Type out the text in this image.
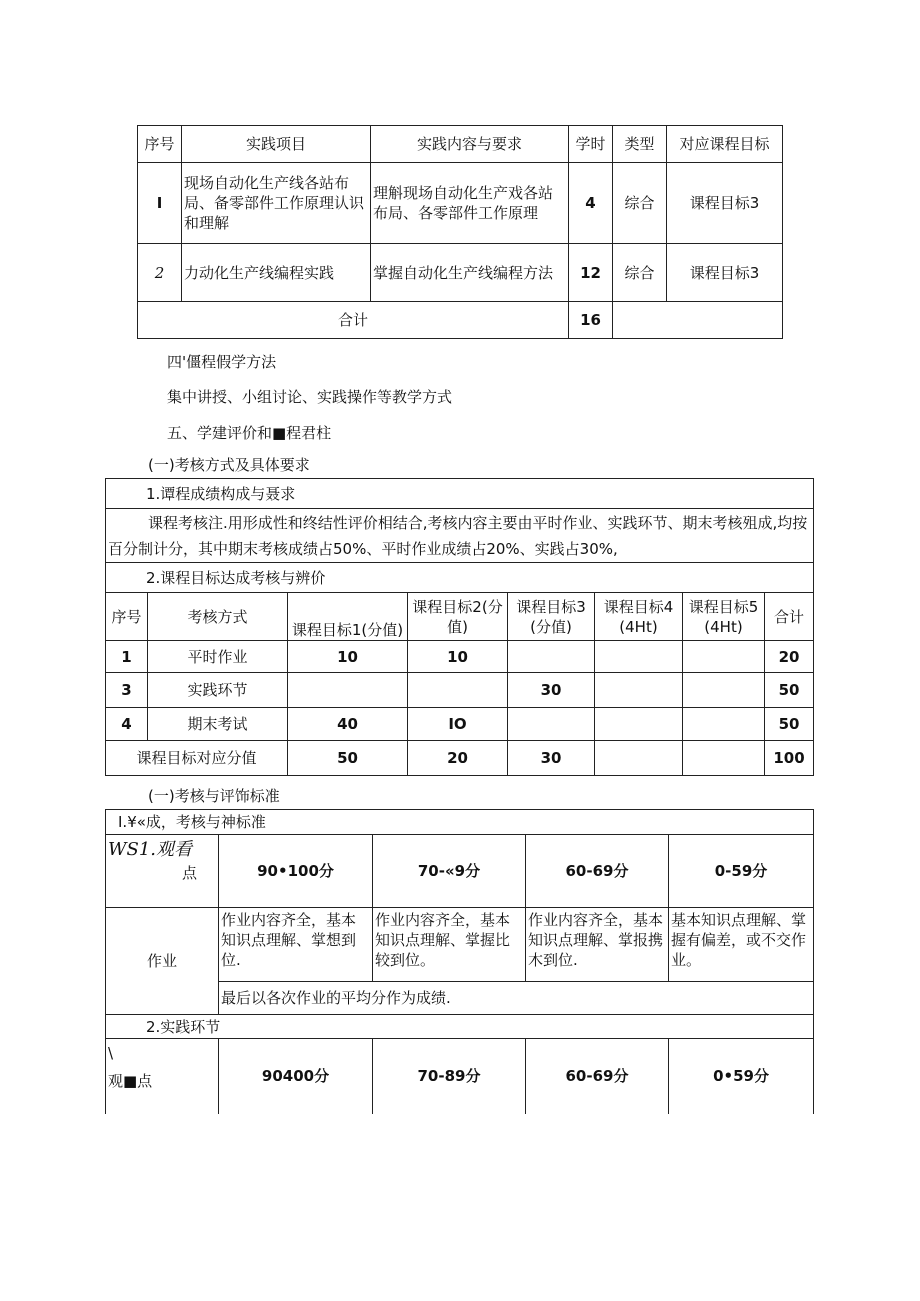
序号	实践项目	实践内容与要求	学时	类型	对应课程目标
I	现场自动化生产线各站布局、备零部件工作原理认识和理解	理斛现场自动化生产戏各站布局、各零部件工作原理	4	综合	课程目标3
2	力动化生产线编程实践	掌握自动化生产线编程方法	12	综合	课程目标3
合计			16		
四'僵程假学方法
集中讲授、小组讨论、实践操作等教学方式
五、学建评价和■程君柱
(一)考核方式及具体要求
1.谭程成绩构成与聂求							

课程考核注.用形成性和终结性评价相结合,考核内容主要由平时作业、实践环节、期末考核殂成,均按百分制计分，其中期末考核成绩占50%、平时作业成绩占20%、实践占30%,							

2.课程目标达成考核与辨价							
序号	考核方式	课程目标1(分值)	课程目标2(分值)	课程目标3(分值)	课程目标4(4Ht)	课程目标5(4Ht)	合计
1	平时作业	10	10				20
3	实践环节			30			50
4	期末考试	40	IO				50
课程目标对应分值		50	20	30			100
(一)考核与评饰标准
I.¥«成，考核与神标准				

WS1.观看
点	90•100分	70-«9分	60-69分	0-59分
作业	作业内容齐全，基本知识点理解、掌想到位.	作业内容齐全，基本知识点理解、掌握比较到位。	作业内容齐全，基本知识点理解、掌报携木到位.	基本知识点理解、掌握有偏差，或不交作业。
	最后以各次作业的平均分作为成绩.			
2.实践环节				

\
观■点	90400分	70-89分	60-69分	0•59分
